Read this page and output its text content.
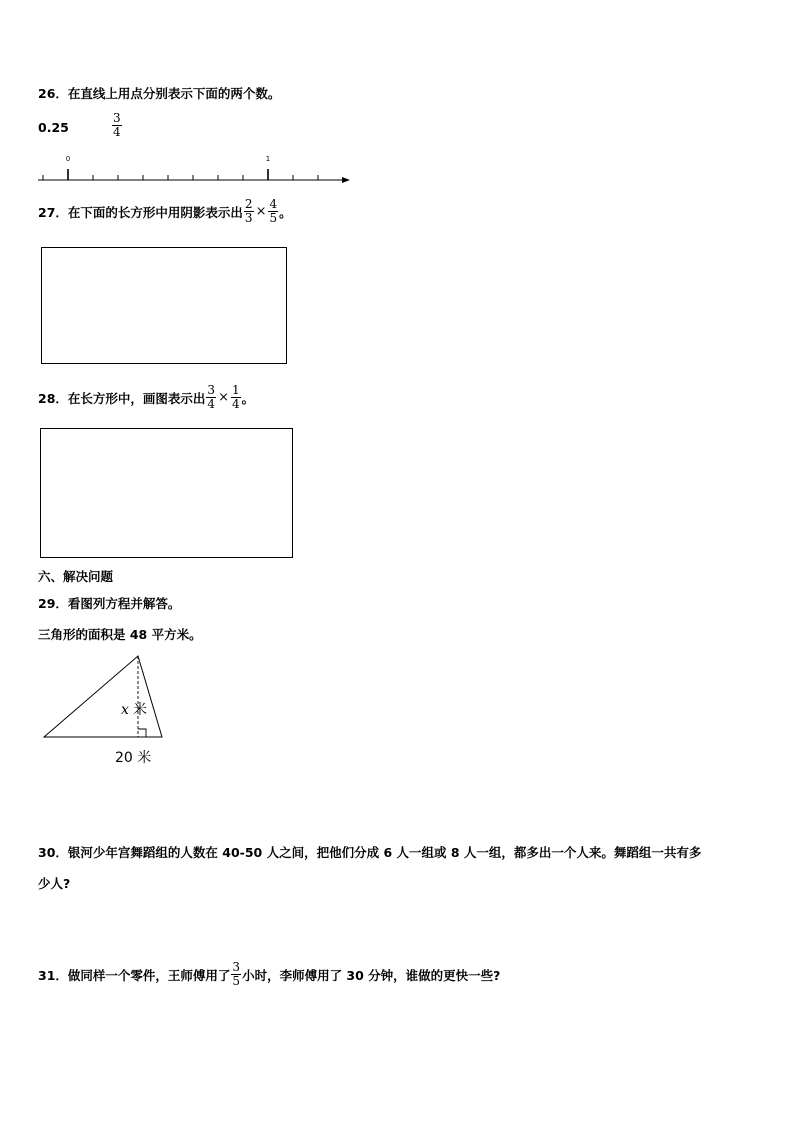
26．在直线上用点分别表示下面的两个数。
0.25	$\frac{3}{4}$
0	1
27． 在下面的长方形中用阴影表示出 $\frac{2}{3} \times \frac{4}{5}$ 。
28． 在长方形中，画图表示出 $\frac{3}{4} \times \frac{1}{4}$ 。
六、解决问题
29．看图列方程并解答。
三角形的面积是 48 平方米。
x 米
20 米
30．银河少年宫舞蹈组的人数在 40-50 人之间，把他们分成 6 人一组或 8 人一组，都多出一个人来。舞蹈组一共有多
少人?
31． 做同样一个零件，王师傅用了 $\frac{3}{5}$ 小时，李师傅用了 30 分钟，谁做的更快一些?
